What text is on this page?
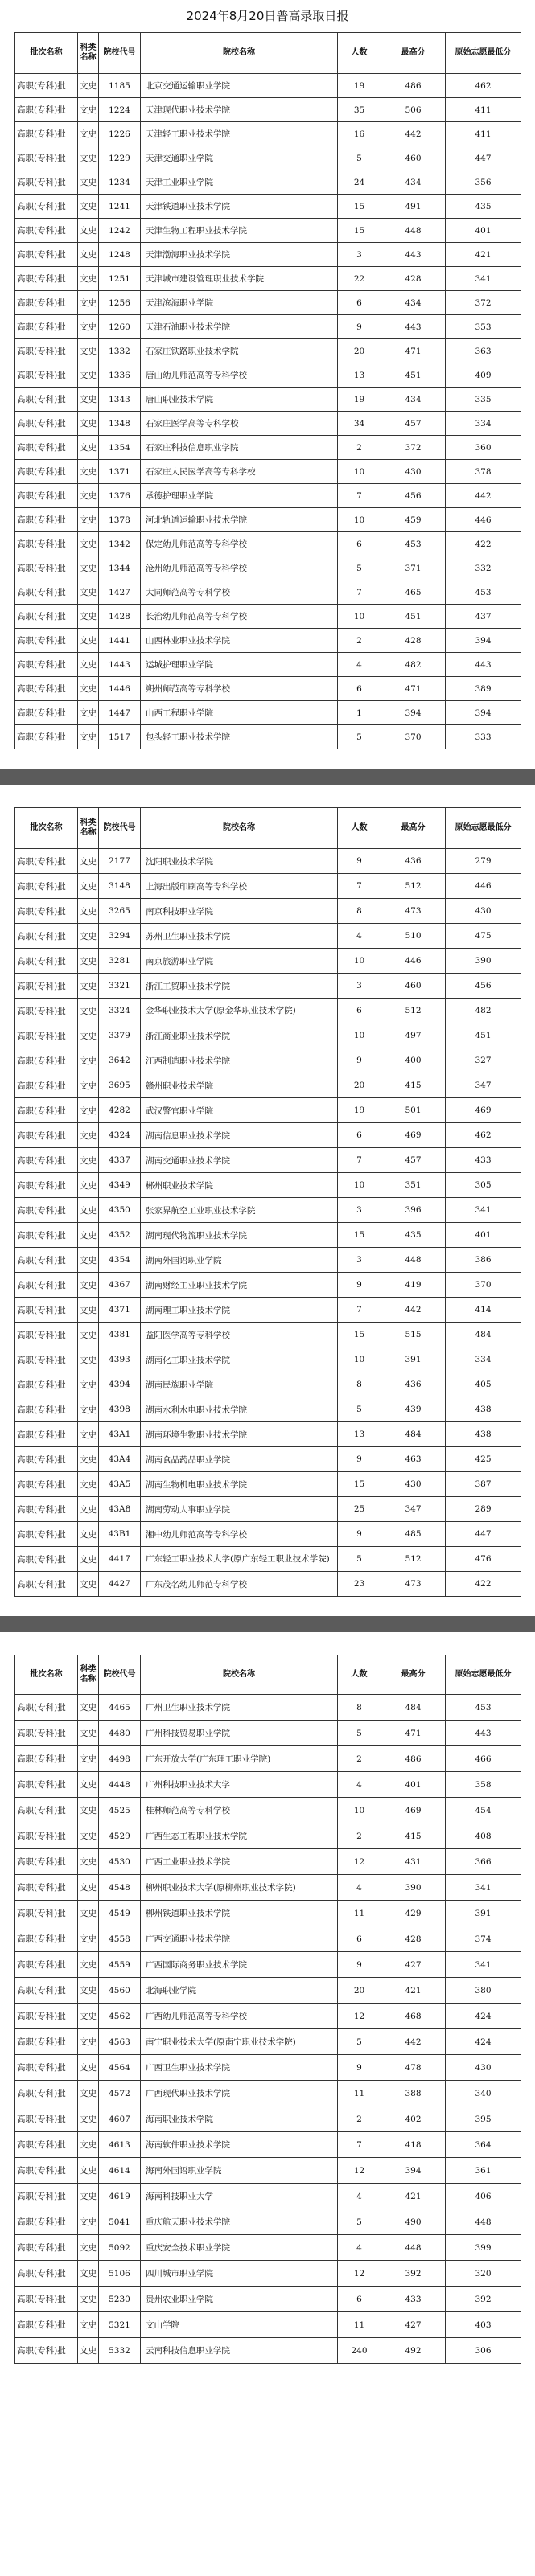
2024年8月20日普高录取日报
批次名称	科类名称	院校代号	院校名称	人数	最高分	原始志愿最低分
高职(专科)批	文史	1185	北京交通运输职业学院	19	486	462
高职(专科)批	文史	1224	天津现代职业技术学院	35	506	411
高职(专科)批	文史	1226	天津轻工职业技术学院	16	442	411
高职(专科)批	文史	1229	天津交通职业学院	5	460	447
高职(专科)批	文史	1234	天津工业职业学院	24	434	356
高职(专科)批	文史	1241	天津铁道职业技术学院	15	491	435
高职(专科)批	文史	1242	天津生物工程职业技术学院	15	448	401
高职(专科)批	文史	1248	天津渤海职业技术学院	3	443	421
高职(专科)批	文史	1251	天津城市建设管理职业技术学院	22	428	341
高职(专科)批	文史	1256	天津滨海职业学院	6	434	372
高职(专科)批	文史	1260	天津石油职业技术学院	9	443	353
高职(专科)批	文史	1332	石家庄铁路职业技术学院	20	471	363
高职(专科)批	文史	1336	唐山幼儿师范高等专科学校	13	451	409
高职(专科)批	文史	1343	唐山职业技术学院	19	434	335
高职(专科)批	文史	1348	石家庄医学高等专科学校	34	457	334
高职(专科)批	文史	1354	石家庄科技信息职业学院	2	372	360
高职(专科)批	文史	1371	石家庄人民医学高等专科学校	10	430	378
高职(专科)批	文史	1376	承德护理职业学院	7	456	442
高职(专科)批	文史	1378	河北轨道运输职业技术学院	10	459	446
高职(专科)批	文史	1342	保定幼儿师范高等专科学校	6	453	422
高职(专科)批	文史	1344	沧州幼儿师范高等专科学校	5	371	332
高职(专科)批	文史	1427	大同师范高等专科学校	7	465	453
高职(专科)批	文史	1428	长治幼儿师范高等专科学校	10	451	437
高职(专科)批	文史	1441	山西林业职业技术学院	2	428	394
高职(专科)批	文史	1443	运城护理职业学院	4	482	443
高职(专科)批	文史	1446	朔州师范高等专科学校	6	471	389
高职(专科)批	文史	1447	山西工程职业学院	1	394	394
高职(专科)批	文史	1517	包头轻工职业技术学院	5	370	333
批次名称	科类名称	院校代号	院校名称	人数	最高分	原始志愿最低分
高职(专科)批	文史	2177	沈阳职业技术学院	9	436	279
高职(专科)批	文史	3148	上海出版印刷高等专科学校	7	512	446
高职(专科)批	文史	3265	南京科技职业学院	8	473	430
高职(专科)批	文史	3294	苏州卫生职业技术学院	4	510	475
高职(专科)批	文史	3281	南京旅游职业学院	10	446	390
高职(专科)批	文史	3321	浙江工贸职业技术学院	3	460	456
高职(专科)批	文史	3324	金华职业技术大学(原金华职业技术学院)	6	512	482
高职(专科)批	文史	3379	浙江商业职业技术学院	10	497	451
高职(专科)批	文史	3642	江西制造职业技术学院	9	400	327
高职(专科)批	文史	3695	赣州职业技术学院	20	415	347
高职(专科)批	文史	4282	武汉警官职业学院	19	501	469
高职(专科)批	文史	4324	湖南信息职业技术学院	6	469	462
高职(专科)批	文史	4337	湖南交通职业技术学院	7	457	433
高职(专科)批	文史	4349	郴州职业技术学院	10	351	305
高职(专科)批	文史	4350	张家界航空工业职业技术学院	3	396	341
高职(专科)批	文史	4352	湖南现代物流职业技术学院	15	435	401
高职(专科)批	文史	4354	湖南外国语职业学院	3	448	386
高职(专科)批	文史	4367	湖南财经工业职业技术学院	9	419	370
高职(专科)批	文史	4371	湖南理工职业技术学院	7	442	414
高职(专科)批	文史	4381	益阳医学高等专科学校	15	515	484
高职(专科)批	文史	4393	湖南化工职业技术学院	10	391	334
高职(专科)批	文史	4394	湖南民族职业学院	8	436	405
高职(专科)批	文史	4398	湖南水利水电职业技术学院	5	439	438
高职(专科)批	文史	43A1	湖南环境生物职业技术学院	13	484	438
高职(专科)批	文史	43A4	湖南食品药品职业学院	9	463	425
高职(专科)批	文史	43A5	湖南生物机电职业技术学院	15	430	387
高职(专科)批	文史	43A8	湖南劳动人事职业学院	25	347	289
高职(专科)批	文史	43B1	湘中幼儿师范高等专科学校	9	485	447
高职(专科)批	文史	4417	广东轻工职业技术大学(原广东轻工职业技术学院)	5	512	476
高职(专科)批	文史	4427	广东茂名幼儿师范专科学校	23	473	422
批次名称	科类名称	院校代号	院校名称	人数	最高分	原始志愿最低分
高职(专科)批	文史	4465	广州卫生职业技术学院	8	484	453
高职(专科)批	文史	4480	广州科技贸易职业学院	5	471	443
高职(专科)批	文史	4498	广东开放大学(广东理工职业学院)	2	486	466
高职(专科)批	文史	4448	广州科技职业技术大学	4	401	358
高职(专科)批	文史	4525	桂林师范高等专科学校	10	469	454
高职(专科)批	文史	4529	广西生态工程职业技术学院	2	415	408
高职(专科)批	文史	4530	广西工业职业技术学院	12	431	366
高职(专科)批	文史	4548	柳州职业技术大学(原柳州职业技术学院)	4	390	341
高职(专科)批	文史	4549	柳州铁道职业技术学院	11	429	391
高职(专科)批	文史	4558	广西交通职业技术学院	6	428	374
高职(专科)批	文史	4559	广西国际商务职业技术学院	9	427	341
高职(专科)批	文史	4560	北海职业学院	20	421	380
高职(专科)批	文史	4562	广西幼儿师范高等专科学校	12	468	424
高职(专科)批	文史	4563	南宁职业技术大学(原南宁职业技术学院)	5	442	424
高职(专科)批	文史	4564	广西卫生职业技术学院	9	478	430
高职(专科)批	文史	4572	广西现代职业技术学院	11	388	340
高职(专科)批	文史	4607	海南职业技术学院	2	402	395
高职(专科)批	文史	4613	海南软件职业技术学院	7	418	364
高职(专科)批	文史	4614	海南外国语职业学院	12	394	361
高职(专科)批	文史	4619	海南科技职业大学	4	421	406
高职(专科)批	文史	5041	重庆航天职业技术学院	5	490	448
高职(专科)批	文史	5092	重庆安全技术职业学院	4	448	399
高职(专科)批	文史	5106	四川城市职业学院	12	392	320
高职(专科)批	文史	5230	贵州农业职业学院	6	433	392
高职(专科)批	文史	5321	文山学院	11	427	403
高职(专科)批	文史	5332	云南科技信息职业学院	240	492	306
